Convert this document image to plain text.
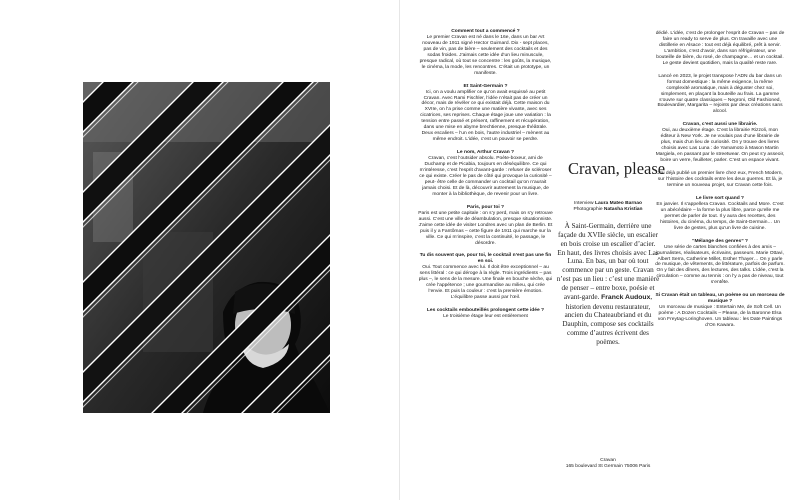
Comment tout a commencé ?
Le premier Cravan est né dans le 16e, dans un bar Art nouveau de 1911 signé Hector Guimard. Dix - sept places, pas de vin, pas de bière – seulement des cocktails et des sodas froides. J’aimais cette idée d’un lieu minuscule, presque radical, où tout se concentre : les goûts, la musique, le cinéma, la mode, les rencontres. C’était un prototype, un manifeste.
Et Saint-Germain ?
Ici, on a voulu amplifier ce qu’on avait esquissé au petit Cravan. Avec Rami Fischler, l’idée n’était pas de créer un décor, mais de révéler ce qui existait déjà. Cette maison du XVIIe, on l’a prise comme une matière vivante, avec ses cicatrices, ses reprises. Chaque étage joue une variation : la tension entre passé et présent, raffinement et récupération, dans une mise en abyme brechtienne, presque théâtrale. Deux escaliers – l’un en bois, l’autre industriel – mènent au même endroit. L’idée, c’est un pouvoir se perdre.
Le nom, Arthur Cravan ?
Cravan, c’est l’outsider absolu. Poète-boxeur, ami de Duchamp et de Picabia, toujours en déséquilibre. Ce qui m’intéresse, c’est l’esprit d’avant-garde : refuser de scléroser ce qui existe. Créer le pas de côté qui provoque la curiosité – peut- être celle de commander un cocktail qu’on n’aurait jamais choisi. Et de là, découvrir autrement la musique, de monter à la bibliothèque, de revenir pour un livre.
Paris, pour toi ?
Paris est une petite capitale : on s’y perd, mais on s’y retrouve aussi. C’est une ville de déambulation, presque situationniste. J’aime cette idée de visiter Londres avec un plan de Berlin. Et puis il y a Fantômas – cette figure de 1911 qui marche sur la ville. Ce qui m’inspire, c’est la continuité, le passage, le désordre.
Tu dis souvent que, pour toi, le cocktail n’est pas une fin en soi.
Oui. Tout commence avec lui. Il doit être exceptionnel – au sens littéral : ce qui déroge à la règle. Trois ingrédients – pas plus –, le sens de la mesure. Une finale en bouche sèche, qui crée l’appétence ; une gourmandise au milieu, qui crée l’envie. Et puis la couleur : c’est la première émotion. L’équilibre passe aussi par l’œil.
Les cocktails embouteillés prolongent cette idée ?
Le troisième étage leur est entièrement
Cravan, please
Interview Laura Mateo Barnao
Photographie Natasha Kristian
À Saint-Germain, derrière une façade du XVIIe siècle, un escalier en bois croise un escalier d’acier. En haut, des livres choisis avec Las Luna. En bas, un bar où tout commence par un geste. Cravan n’est pas un lieu : c’est une manière de penser – entre boxe, poésie et avant-garde. Franck Audoux, historien devenu restaurateur, ancien du Chateaubriand et du Dauphin, compose ses cocktails comme d’autres écrivent des poèmes.
Cravan
165 boulevard St Germain 75006 Paris
dédié. L’idée, c’est de prolonger l’esprit de Cravan – pas de faire un ready to serve de plus. On travaille avec une distillerie en Alsace : tout est déjà équilibré, prêt à servir. L’ambition, c’est d’avoir, dans son réfrigérateur, une bouteille de bière, du rosé, de champagne… et un cocktail. Le geste devient quotidien, mais la qualité reste rare.
Lancé en 2023, le projet transpose l’ADN du bar dans un format domestique : la même exigence, la même complexité aromatique, mais à déguster chez soi, simplement, en plaçant la bouteille au frais. La gamme s’ouvre sur quatre classiques – Negroni, Old Fashioned, Boulevardier, Margarita – rejoints par deux créations sans alcool.
Cravan, c’est aussi une librairie.
Oui, au deuxième étage. C’est la librairie Rizzoli, mon éditeur à New York. Je ne voulais pas d’une librairie de plus, mais d’un lieu de curiosité. On y trouve des livres choisis avec Las Luna : de Yamamoto à Mason Martin Margiela, en passant par le streetwear. On peut s’y asseoir, boire un verre, feuilleter, parler. C’est un espace vivant.
J’ai déjà publié un premier livre chez eux, French Modern, sur l’histoire des cocktails entre les deux guerres. Et là, je termine un nouveau projet, sur Cravan cette fois.
Le livre sort quand ?
En janvier. Il s’appellera Cravan. Cocktails and More. C’est un abécédaire – la forme la plus libre, parce qu’elle me permet de parler de tout. Il y aura des recettes, des histoires, du cinéma, du temps, de Saint-Germain… Un livre de gestes, plus qu’un livre de cuisine.
“Mélange des genres” ?
Une série de cartes blanches confiées à des amis – journalistes, réalisateurs, écrivains, passeurs. Marie Ottavi, Albert Serra, Catherine Millet, Esther Thayer… On y parle de musique, de vêtements, de littérature, parfois de parfum. On y fait des dîners, des lectures, des talks. L’idée, c’est la circulation – comme au tennis : on l’y a pas de niveau, tout s’entête.
Si Cravan était un tableau, un poème ou un morceau de musique ?
Un morceau de musique : Entertain Me, de Soft Cell. Un poème : A Dozen Cocktails – Please, de la Baronne Elsa von Freytag-Loringhoven. Un tableau : les Date Paintings d’On Kawara.
